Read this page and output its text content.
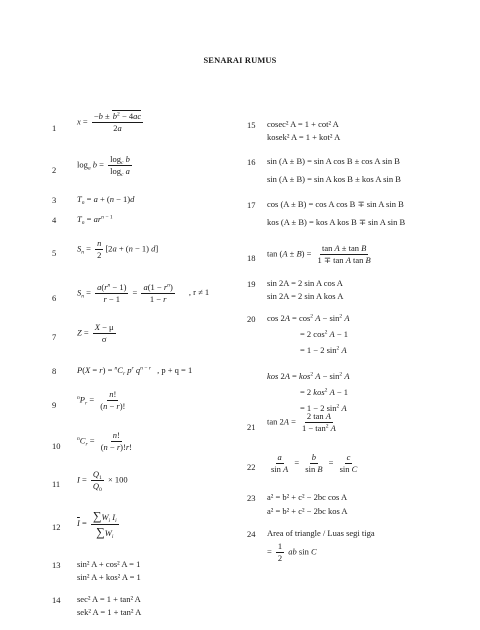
SENARAI RUMUS
1
$x = \frac{-b \pm b^2 - 4ac}{2a}$
2
$\log_a b = \frac{\log_c b}{\log_c a}$
3 $T_n = a + (n - 1)d$
4 $T_n = ar^{n - 1}$
5 $S_n = \frac{n}{2} [2a + (n - 1)$ d]
6
$S_n = \frac{a(r^n - 1)}{r - 1} = \frac{a(1 - r^n)}{1 - r}$ , r ≠ 1
7 $Z = \frac{X - \mu}{\sigma}$
8 $P(X = r) = ^nC_r$ $p^r$ $q^{n - r}$ , p + q = 1
9
$^nP_r = \frac{n!}{(n - r)!}$
10
$^nC_r = \frac{n!}{(n - r)!r!}$
11 $I = \frac{Q_1}{Q_0} \times 100$
12 $\overline{I} = \frac{\sum W_i I_i}{\sum W_i}$
13 sin² A + cos² A = 1
sin² A + kos² A = 1
14 sec² A = 1 + tan² A
sek² A = 1 + tan² A
15 cosec² A = 1 + cot² A
kosek² A = 1 + kot² A
16 sin (A ± B) = sin A cos B ± cos A sin B
sin (A ± B) = sin A kos B ± kos A sin B
17 cos (A ± B) = cos A cos B ∓ sin A sin B
kos (A ± B) = kos A kos B ∓ sin A sin B
18 $\tan (A \pm B) = \frac{\text{tan A ± tan B}}{\text{1 ∓ tan A tan B}}$
19 sin 2A = 2 sin A cos A
sin 2A = 2 sin A kos A
20 $\cos 2A = \cos^2 A - \sin^2 A$
= 2 $\cos^2 A - 1$
= 1 − 2 $\sin^2 A$
kos 2A = kos$^2$ $A - \sin^2 A$
= 2 kos$^2$ A − 1
= 1 − 2 $\sin^2 A$
21
$\tan 2A = \frac{\text{2 tan A}}{1 - \tan^2 A}$
$22 \frac{a}{\text{sin A}} = \frac{b}{\text{sin B}} = \frac{c}{\text{sin C}}$
23 a² = b² + c² − 2bc cos A
a² = b² + c² − 2bc kos A
24 Area of triangle / Luas segi tiga
= $\frac{1}{2}$ ab sin C
